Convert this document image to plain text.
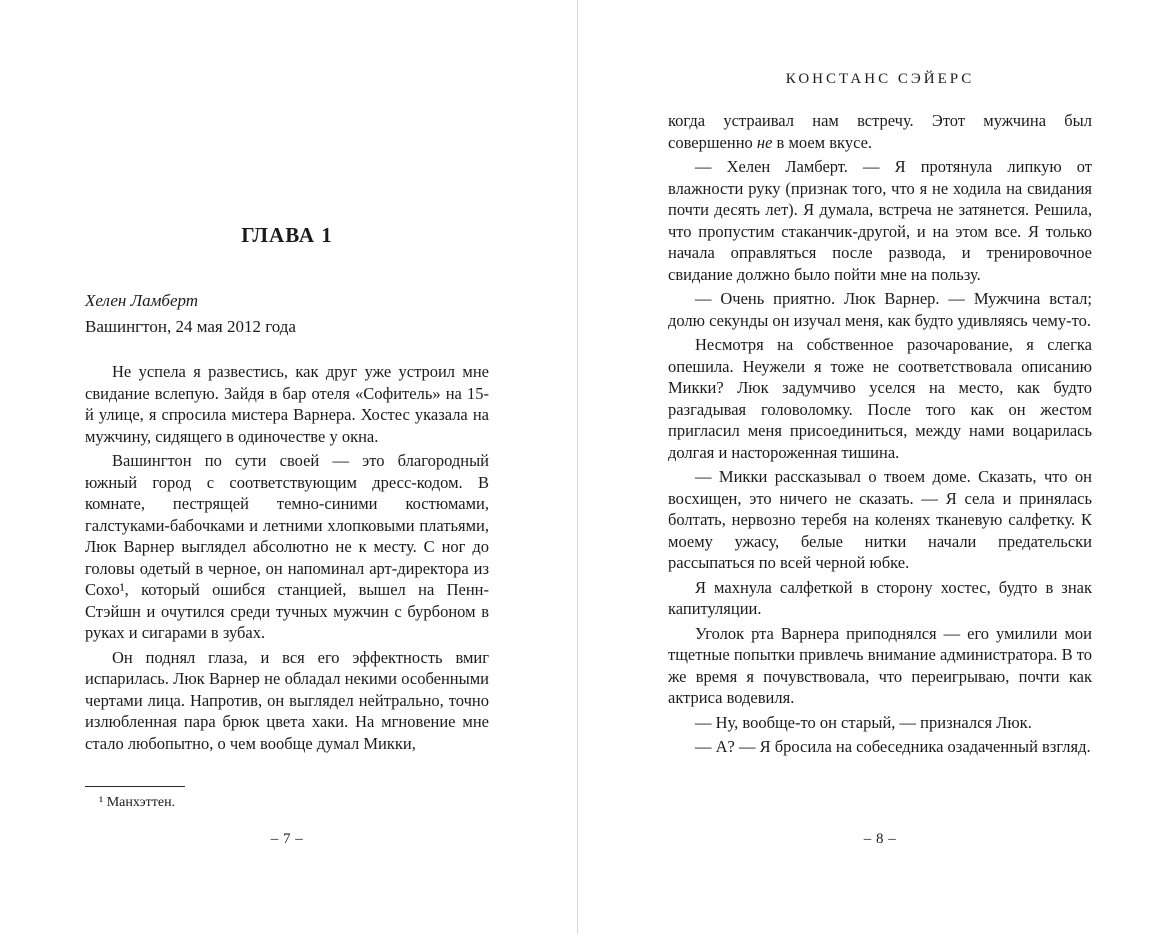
ГЛАВА 1

Хелен Ламберт

Вашингтон, 24 мая 2012 года

Не успела я развестись, как друг уже устроил мне свидание вслепую. Зайдя в бар отеля «Софитель» на 15-й улице, я спросила мистера Варнера. Хостес указала на мужчину, сидящего в одиночестве у окна.

Вашингтон по сути своей — это благородный южный город с соответствующим дресс-кодом. В комнате, пестрящей темно-синими костюмами, галстуками-бабочками и летними хлопковыми платьями, Люк Варнер выглядел абсолютно не к месту. С ног до головы одетый в черное, он напоминал арт-директора из Сохо¹, который ошибся станцией, вышел на Пенн-Стэйшн и очутился среди тучных мужчин с бурбоном в руках и сигарами в зубах.

Он поднял глаза, и вся его эффектность вмиг испарилась. Люк Варнер не обладал некими особенными чертами лица. Напротив, он выглядел нейтрально, точно излюбленная пара брюк цвета хаки. На мгновение мне стало любопытно, о чем вообще думал Микки,

¹ Манхэттен.

– 7 –
КОНСТАНС СЭЙЕРС

когда устраивал нам встречу. Этот мужчина был совершенно не в моем вкусе.

— Хелен Ламберт. — Я протянула липкую от влажности руку (признак того, что я не ходила на свидания почти десять лет). Я думала, встреча не затянется. Решила, что пропустим стаканчик-другой, и на этом все. Я только начала оправляться после развода, и тренировочное свидание должно было пойти мне на пользу.

— Очень приятно. Люк Варнер. — Мужчина встал; долю секунды он изучал меня, как будто удивляясь чему-то.

Несмотря на собственное разочарование, я слегка опешила. Неужели я тоже не соответствовала описанию Микки? Люк задумчиво уселся на место, как будто разгадывая головоломку. После того как он жестом пригласил меня присоединиться, между нами воцарилась долгая и настороженная тишина.

— Микки рассказывал о твоем доме. Сказать, что он восхищен, это ничего не сказать. — Я села и принялась болтать, нервозно теребя на коленях тканевую салфетку. К моему ужасу, белые нитки начали предательски рассыпаться по всей черной юбке.

Я махнула салфеткой в сторону хостес, будто в знак капитуляции.

Уголок рта Варнера приподнялся — его умилили мои тщетные попытки привлечь внимание администратора. В то же время я почувствовала, что переигрываю, почти как актриса водевиля.

— Ну, вообще-то он старый, — признался Люк.

— А? — Я бросила на собеседника озадаченный взгляд.

– 8 –
